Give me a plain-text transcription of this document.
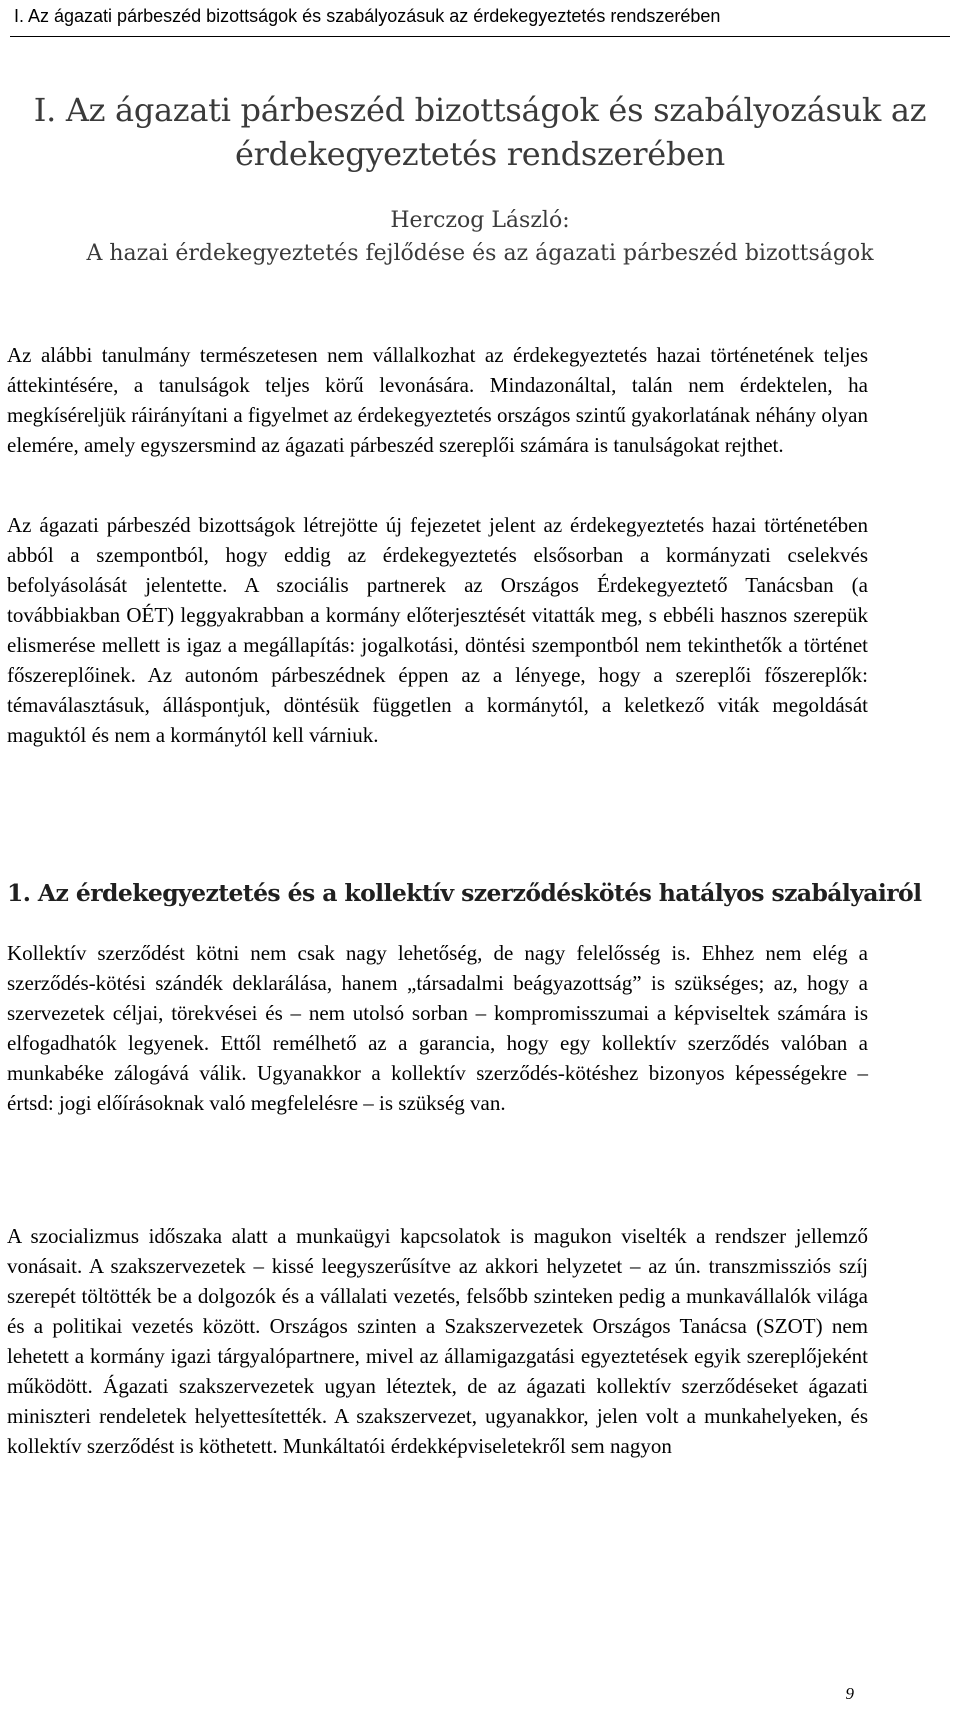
I. Az ágazati párbeszéd bizottságok és szabályozásuk az érdekegyeztetés rendszerében
I. Az ágazati párbeszéd bizottságok és szabályozásuk az
érdekegyeztetés rendszerében
Herczog László:
A hazai érdekegyeztetés fejlődése és az ágazati párbeszéd bizottságok

Az alábbi tanulmány természetesen nem vállalkozhat az érdekegyeztetés hazai történetének teljes áttekintésére, a tanulságok teljes körű levonására. Mindazonáltal, talán nem érdektelen, ha megkíséreljük ráirányítani a figyelmet az érdekegyeztetés országos szintű gyakorlatának néhány olyan elemére, amely egyszersmind az ágazati párbeszéd szereplői számára is tanulságokat rejthet.

Az ágazati párbeszéd bizottságok létrejötte új fejezetet jelent az érdekegyeztetés hazai történetében abból a szempontból, hogy eddig az érdekegyeztetés elsősorban a kormányzati cselekvés befolyásolását jelentette. A szociális partnerek az Országos Érdekegyeztető Tanácsban (a továbbiakban OÉT) leggyakrabban a kormány előterjesztését vitatták meg, s ebbéli hasznos szerepük elismerése mellett is igaz a megállapítás: jogalkotási, döntési szempontból nem tekinthetők a történet főszereplőinek. Az autonóm párbeszédnek éppen az a lényege, hogy a szereplői főszereplők: témaválasztásuk, álláspontjuk, döntésük független a kormánytól, a keletkező viták megoldását maguktól és nem a kormánytól kell várniuk.

1. Az érdekegyeztetés és a kollektív szerződéskötés hatályos szabályairól

Kollektív szerződést kötni nem csak nagy lehetőség, de nagy felelősség is. Ehhez nem elég a szerződés-kötési szándék deklarálása, hanem „társadalmi beágyazottság” is szükséges; az, hogy a szervezetek céljai, törekvései és – nem utolsó sorban – kompromisszumai a képviseltek számára is elfogadhatók legyenek. Ettől remélhető az a garancia, hogy egy kollektív szerződés valóban a munkabéke zálogává válik. Ugyanakkor a kollektív szerződés-kötéshez bizonyos képességekre – értsd: jogi előírásoknak való megfelelésre – is szükség van.

A szocializmus időszaka alatt a munkaügyi kapcsolatok is magukon viselték a rendszer jellemző vonásait. A szakszervezetek – kissé leegyszerűsítve az akkori helyzetet – az ún. transzmissziós szíj szerepét töltötték be a dolgozók és a vállalati vezetés, felsőbb szinteken pedig a munkavállalók világa és a politikai vezetés között. Országos szinten a Szakszervezetek Országos Tanácsa (SZOT) nem lehetett a kormány igazi tárgyalópartnere, mivel az államigazgatási egyeztetések egyik szereplőjeként működött. Ágazati szakszervezetek ugyan léteztek, de az ágazati kollektív szerződéseket ágazati miniszteri rendeletek helyettesítették. A szakszervezet, ugyanakkor, jelen volt a munkahelyeken, és kollektív szerződést is köthetett. Munkáltatói érdekképviseletekről sem nagyon

9
